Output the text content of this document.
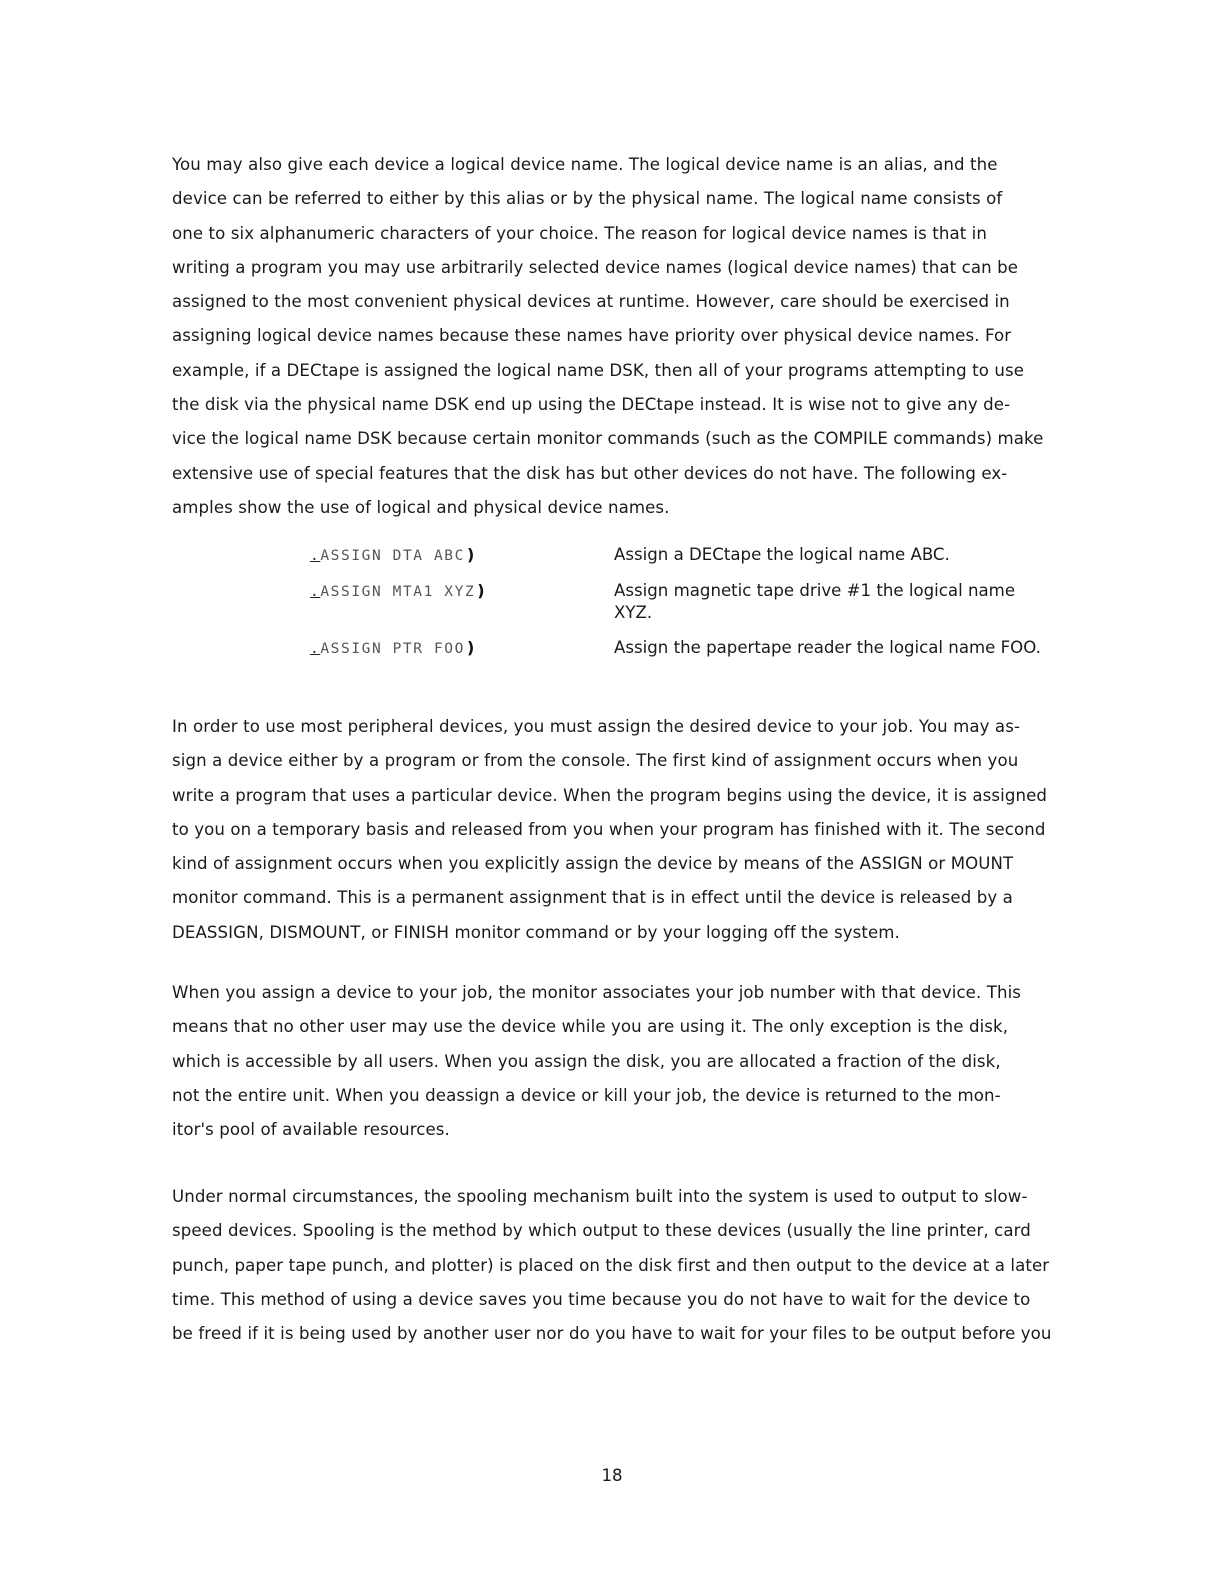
You may also give each device a logical device name. The logical device name is an alias, and the
device can be referred to either by this alias or by the physical name. The logical name consists of
one to six alphanumeric characters of your choice. The reason for logical device names is that in
writing a program you may use arbitrarily selected device names (logical device names) that can be
assigned to the most convenient physical devices at runtime. However, care should be exercised in
assigning logical device names because these names have priority over physical device names. For
example, if a DECtape is assigned the logical name DSK, then all of your programs attempting to use
the disk via the physical name DSK end up using the DECtape instead. It is wise not to give any de-
vice the logical name DSK because certain monitor commands (such as the COMPILE commands) make
extensive use of special features that the disk has but other devices do not have. The following ex-
amples show the use of logical and physical device names.
.ASSIGN DTA ABC )	Assign a DECtape the logical name ABC.
.ASSIGN MTA1 XYZ )	Assign magnetic tape drive #1 the logical name XYZ.
.ASSIGN PTR FOO )	Assign the papertape reader the logical name FOO.
In order to use most peripheral devices, you must assign the desired device to your job. You may as-
sign a device either by a program or from the console. The first kind of assignment occurs when you
write a program that uses a particular device. When the program begins using the device, it is assigned
to you on a temporary basis and released from you when your program has finished with it. The second
kind of assignment occurs when you explicitly assign the device by means of the ASSIGN or MOUNT
monitor command. This is a permanent assignment that is in effect until the device is released by a
DEASSIGN, DISMOUNT, or FINISH monitor command or by your logging off the system.
When you assign a device to your job, the monitor associates your job number with that device. This
means that no other user may use the device while you are using it. The only exception is the disk,
which is accessible by all users. When you assign the disk, you are allocated a fraction of the disk,
not the entire unit. When you deassign a device or kill your job, the device is returned to the mon-
itor's pool of available resources.
Under normal circumstances, the spooling mechanism built into the system is used to output to slow-
speed devices. Spooling is the method by which output to these devices (usually the line printer, card
punch, paper tape punch, and plotter) is placed on the disk first and then output to the device at a later
time. This method of using a device saves you time because you do not have to wait for the device to
be freed if it is being used by another user nor do you have to wait for your files to be output before you
18
